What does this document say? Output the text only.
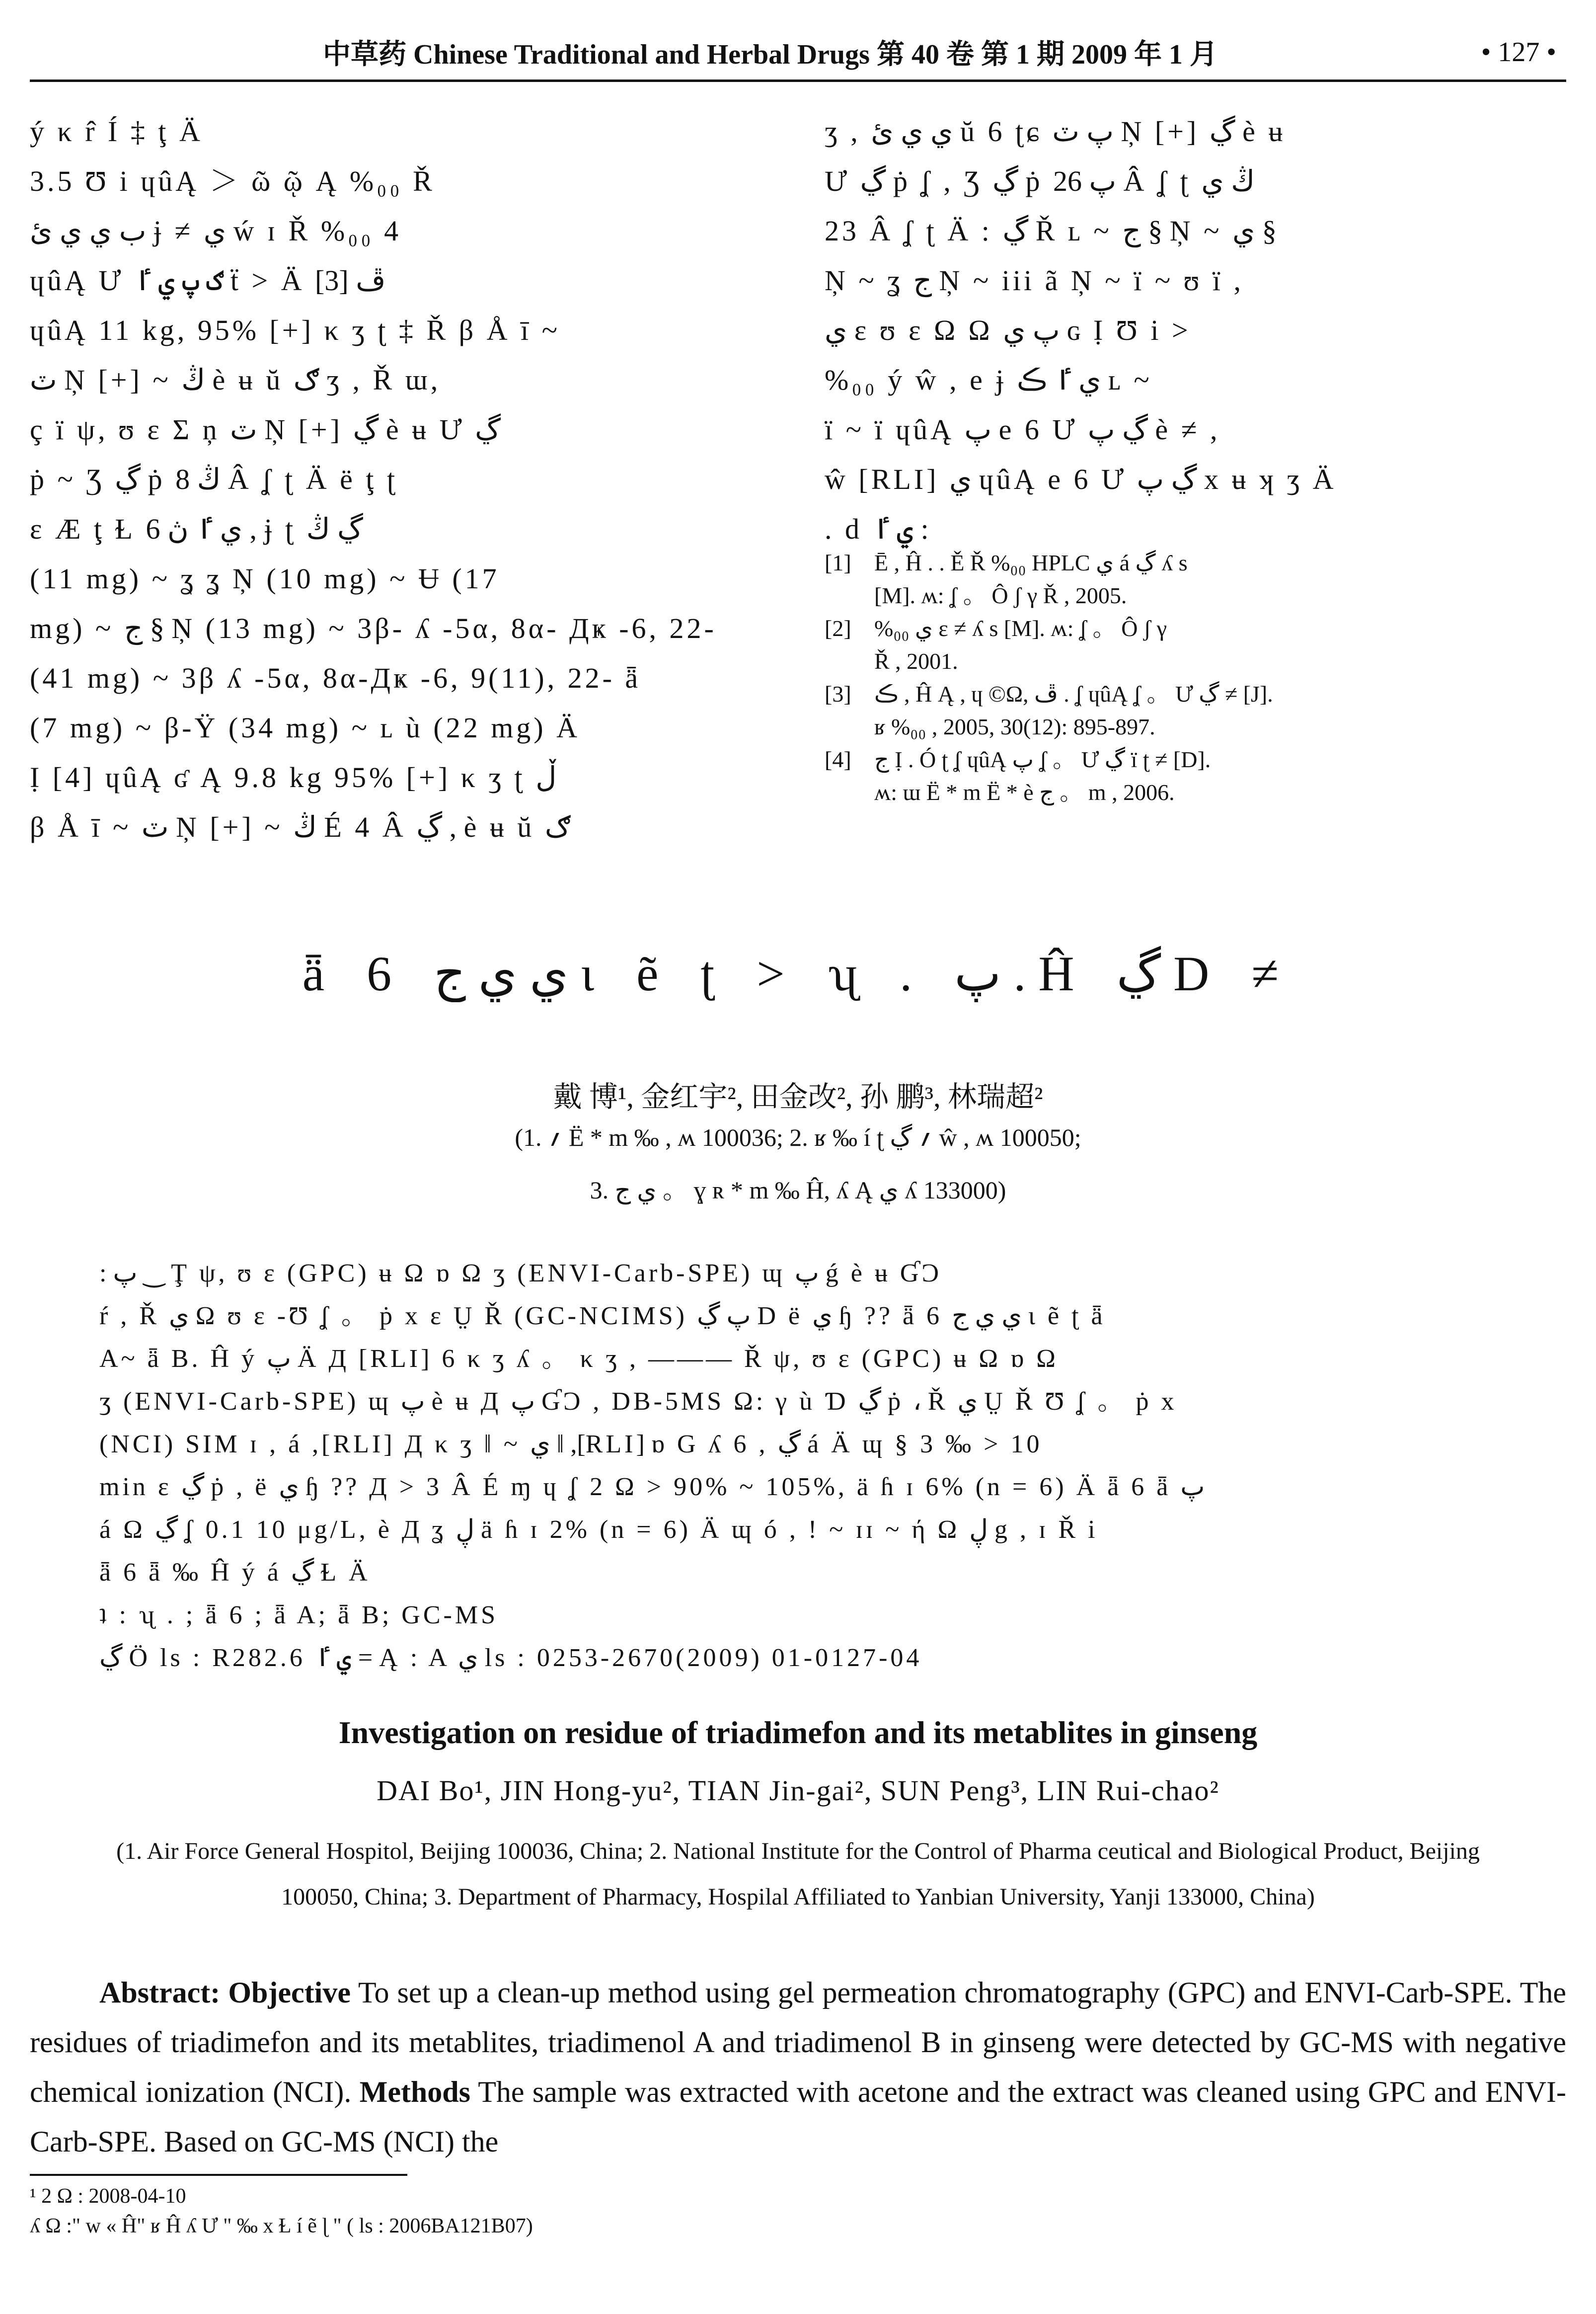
中草药 Chinese Traditional and Herbal Drugs 第 40 卷 第 1 期 2009 年 1 月	• 127 •
ý κ r̂ Í ‡ ţ Ä
3.5 Ʊ i ɥûĄ ＞ ῶ ῷ Ą %₀₀ Ř
ب ي ي ئ ɉ ≠ ي ẃ ɪ Ř %₀₀ 4
ɥûĄ Ư ګ پ ي ٵ ẗ > Ä ڦ [3]
ɥûĄ 11 kg, 95% [+] κ ʒ ʈ ‡ Ř β Å ī ~
ٽ Ņ [+] ~ ڭ è ʉ ŭ ګ ʒ , Ř ɯ,
ç ï ψ, ʊ ɛ Σ ņ ٽ Ņ [+] ڲ è ʉ Ư ڲ
ṗ ~ Ʒ ڲ ṗ ڭ 8 Â ʆ ʈ Ä ë ţ ʈ
ɛ Æ ţ Ɫ ي ٵ ڽ 6 , ɉ ʈ ڲ ڭ
(11 mg) ~ ʓ ʓ Ņ (10 mg) ~ Ʉ (17
mg) ~ ج § Ņ (13 mg) ~ 3β- ʎ -5α, 8α- Дҝ -6, 22-
(41 mg) ~ 3β ʎ -5α, 8α-Дҝ -6, 9(11), 22- ǟ
(7 mg) ~ β-Ÿ (34 mg) ~ ʟ ù (22 mg) Ä
Ị [4] ɥûĄ ʛ Ą 9.8 kg 95% [+] κ ʒ ʈ ڵ
β Å ī ~ ٽ Ņ [+] ~ ڭ É 4 Â ڲ , è ʉ ŭ ګ
ʒ , ي ي ئ ŭ 6 ʈɕ پ ٽ Ņ [+] ڲ è ʉ
Ư ڲ ṗ ʆ , Ʒ ڲ ṗ پ 26 Â ʆ ʈ ڭ ي
23 Â ʆ ʈ Ä : ڲ Ř ʟ ~ ج § Ņ ~ ي §
Ņ ~ ʓ ج Ņ ~ iii ã Ņ ~ ï ~ ʊ ï ,
ي ɛ ʊ ɛ Ω Ω پ ي ɢ Ị Ʊ i >
%₀₀ ý ŵ , e ɉ ي ٵ ڪ ʟ ~
ï ~ ï ɥûĄ پ e 6 Ư ڲ پ è ≠ ,
ŵ [RLI] ي ɥûĄ e 6 Ư ڲ پ x ʉ ʞ ʒ Ä
. d ي ٵ :
[1]	Ē , Ĥ . . Ě Ř %₀₀ HPLC ي á ڲ ʎ s
[M]. ʍ: ʆ 。 Ô ʃ γ Ř , 2005.
[2]	%₀₀ ي ɛ ≠ ʎ s [M]. ʍ: ʆ 。 Ô ʃ γ
Ř , 2001.
[3]	ڪ , Ĥ Ą , ɥ ©Ω, ڦ . ʆ ɥûĄ ʆ 。 Ư ڲ ≠ [J].
ʁ %₀₀ , 2005, 30(12): 895-897.
[4]	ج Ị . Ó ʈ ʆ ɥûĄ پ ʆ 。 Ư ڲ ï ʈ ≠ [D].
ʍ: ɯ Ë * m Ë * è ج 。 m , 2006.
ǟ 6 ي ي ج ɩ ẽ ʈ > ʯ . پ . Ĥ ڲ D ≠
戴 博¹, 金红宇², 田金改², 孙 鹏³, 林瑞超²
(1. ؍ Ë * m ‰ , ʍ 100036; 2. ʁ ‰ í ʈ ؍ ڲ ŵ , ʍ 100050;
3. ي ج 。 ɣ ʀ * m ‰ Ĥ, ʎ Ą ي ʎ 133000)
: پ ‿ Ţ ψ, ʊ ɛ (GPC) ʉ Ω ɒ Ω ʒ (ENVI-Carb-SPE) ɰ پ ǵ è ʉ ƓƆ
ŕ , Ř ي Ω ʊ ɛ -Ʊ ʆ 。 ṗ x ɛ Ṳ Ř (GC-NCIMS) پ ڲ D ë ي ɧ ?? ǟ 6 ي ي ج ɩ ẽ ʈ ǟ
A~ ǟ B. Ĥ ý پ Ä Д [RLI] 6 κ ʒ ʎ 。 κ ʒ , ——— Ř ψ, ʊ ɛ (GPC) ʉ Ω ɒ Ω
ʒ (ENVI-Carb-SPE) ɰ پ è ʉ Д پ ƓƆ , DB-5MS Ω: γ ù Ɗ ڲ ṗ ، Ř ي Ṳ Ř Ʊ ʆ 。 ṗ x
(NCI) SIM ɪ , á ,[RLI] Д κ ʒ ‖ ~ ي ‖ ,[RLI] ɒ G ʎ 6 , ڲ á Ä ɰ § 3 ‰ > 10
min ε ڲ ṗ , ë ي ɧ ?? Д > 3 Â É ɱ ɥ ʆ 2 Ω > 90% ~ 105%, ä ɦ ɪ 6% (n = 6) Ä ǟ 6 ǟ پ
á Ω ڲ ʆ 0.1 10 μg/L, è Д ʓ ڸ ä ɦ ɪ 2% (n = 6) Ä ɰ ó , ! ~ ɪɪ ~ ή Ω ڸ g , ɪ Ř i
ǟ 6 ǟ ‰ Ĥ ý á ڲ Ɫ Ä
ʇ : ʯ . ; ǟ 6 ; ǟ A; ǟ B; GC-MS
ڲ Ö ls : R282.6 ي ٵ = Ą : A ي ls : 0253-2670(2009) 01-0127-04
Investigation on residue of triadimefon and its metablites in ginseng
DAI Bo¹, JIN Hong-yu², TIAN Jin-gai², SUN Peng³, LIN Rui-chao²
(1. Air Force General Hospitol, Beijing 100036, China; 2. National Institute for the Control of Pharma ceutical and Biological Product, Beijing 100050, China; 3. Department of Pharmacy, Hospilal Affiliated to Yanbian University, Yanji 133000, China)
Abstract: Objective To set up a clean-up method using gel permeation chromatography (GPC) and ENVI-Carb-SPE. The residues of triadimefon and its metablites, triadimenol A and triadimenol B in ginseng were detected by GC-MS with negative chemical ionization (NCI). Methods The sample was extracted with acetone and the extract was cleaned using GPC and ENVI-Carb-SPE. Based on GC-MS (NCI) the
¹ 2 Ω : 2008-04-10
ʎ Ω :" w « Ĥ" ʁ Ĥ ʎ Ư " ‰ x Ɫ í ẽ ɭ " ( ls : 2006BA121B07)
